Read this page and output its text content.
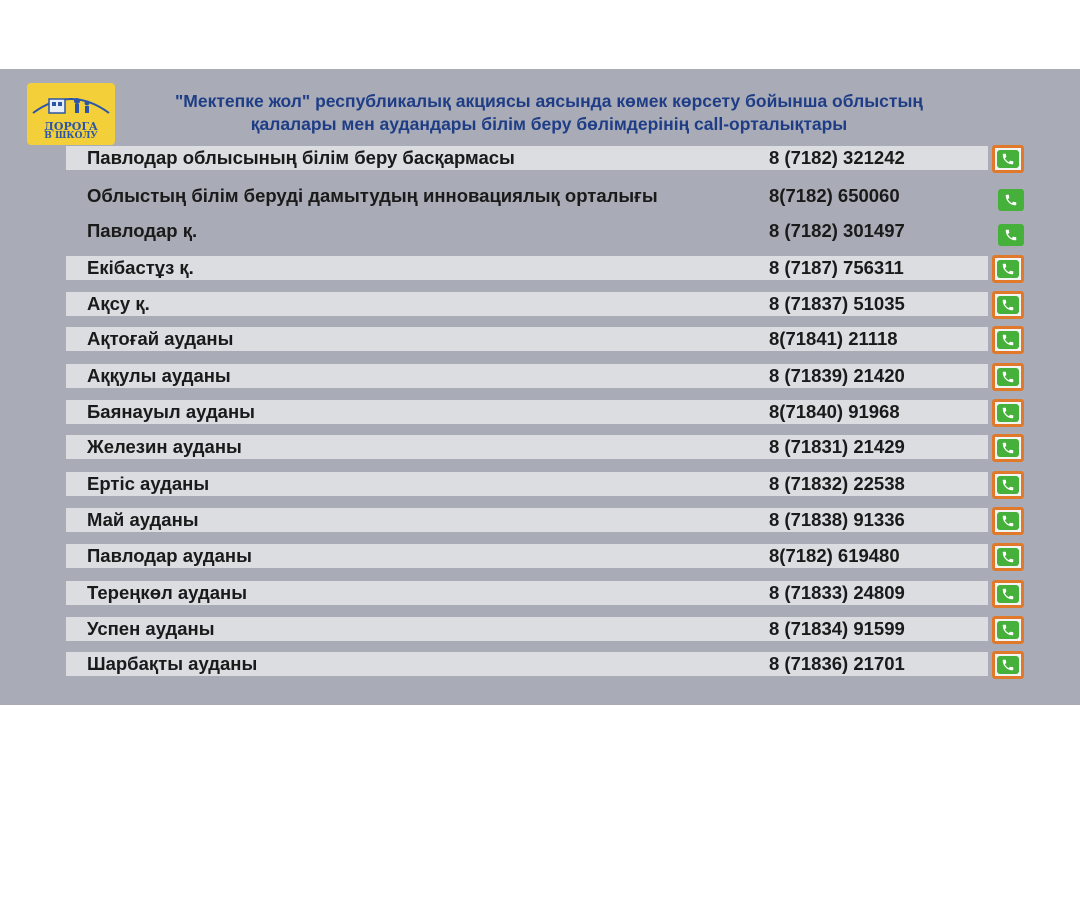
ДОРОГА
В ШКОЛУ
"Мектепке жол" республикалық акциясы аясында көмек көрсету бойынша облыстың
қалалары мен аудандары білім беру бөлімдерінің call-орталықтары
Павлодар облысының білім беру басқармасы	8 (7182) 321242
Облыстың білім беруді дамытудың инновациялық орталығы	8(7182) 650060
Павлодар қ.	8 (7182) 301497
Екібастұз қ.	8 (7187) 756311
Ақсу қ.	8 (71837) 51035
Ақтоғай ауданы	8(71841) 21118
Аққулы ауданы	8 (71839) 21420
Баянауыл ауданы	8(71840) 91968
Железин ауданы	8 (71831) 21429
Ертіс ауданы	8 (71832) 22538
Май ауданы	8 (71838) 91336
Павлодар ауданы	8(7182) 619480
Тереңкөл ауданы	8 (71833) 24809
Успен ауданы	8 (71834) 91599
Шарбақты ауданы	8 (71836) 21701
